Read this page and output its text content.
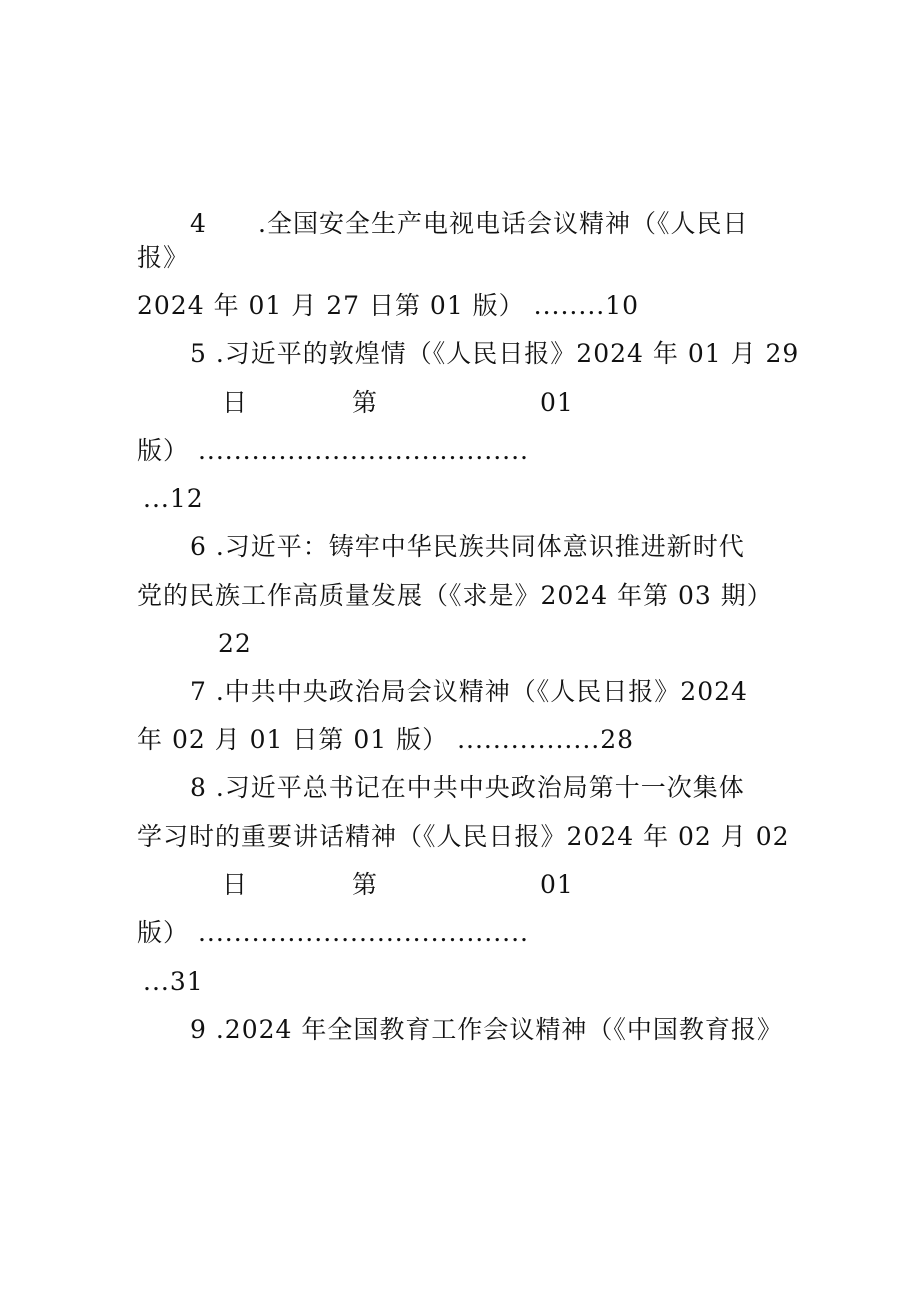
4 .全国安全生产电视电话会议精神（《人民日
报》
2024 年 01 月 27 日第 01 版） ........10
5 .习近平的敦煌情（《人民日报》2024 年 01 月 29
日	第	01
版） .....................................
...12
6 .习近平：铸牢中华民族共同体意识推进新时代
党的民族工作高质量发展（《求是》2024 年第 03 期）
22
7 .中共中央政治局会议精神（《人民日报》2024
年 02 月 01 日第 01 版） ................28
8 .习近平总书记在中共中央政治局第十一次集体
学习时的重要讲话精神（《人民日报》2024 年 02 月 02
日	第	01
版） .....................................
...31
9 .2024 年全国教育工作会议精神（《中国教育报》
